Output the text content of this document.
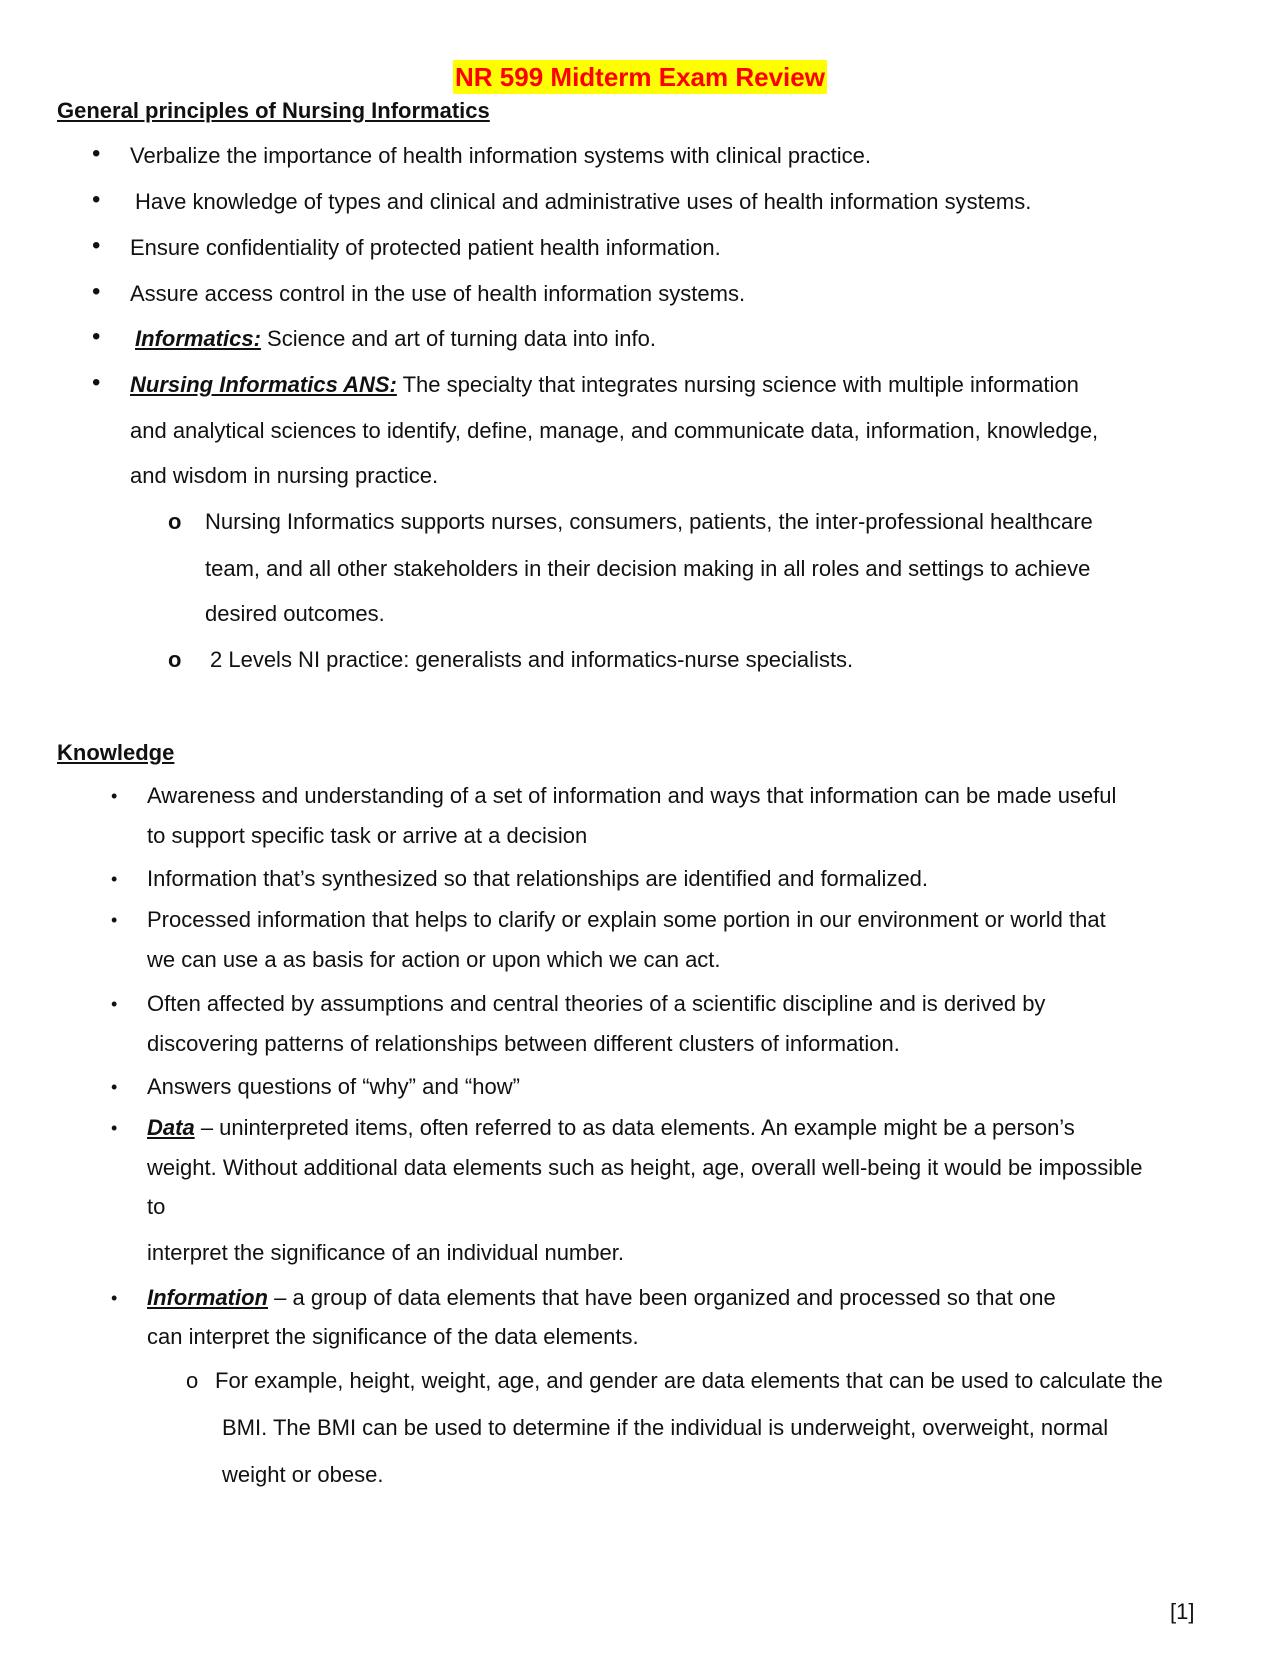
NR 599 Midterm Exam Review
General principles of Nursing Informatics
• Verbalize the importance of health information systems with clinical practice.
• Have knowledge of types and clinical and administrative uses of health information systems.
• Ensure confidentiality of protected patient health information.
• Assure access control in the use of health information systems.
• Informatics: Science and art of turning data into info.
• Nursing Informatics ANS: The specialty that integrates nursing science with multiple information
and analytical sciences to identify, define, manage, and communicate data, information, knowledge,
and wisdom in nursing practice.
o Nursing Informatics supports nurses, consumers, patients, the inter-professional healthcare
team, and all other stakeholders in their decision making in all roles and settings to achieve
desired outcomes.
o 2 Levels NI practice: generalists and informatics-nurse specialists.
Knowledge
• Awareness and understanding of a set of information and ways that information can be made useful
to support specific task or arrive at a decision
• Information that’s synthesized so that relationships are identified and formalized.
• Processed information that helps to clarify or explain some portion in our environment or world that
we can use a as basis for action or upon which we can act.
• Often affected by assumptions and central theories of a scientific discipline and is derived by
discovering patterns of relationships between different clusters of information.
• Answers questions of “why” and “how”
• Data – uninterpreted items, often referred to as data elements. An example might be a person’s
weight. Without additional data elements such as height, age, overall well-being it would be impossible
to
interpret the significance of an individual number.
• Information – a group of data elements that have been organized and processed so that one
can interpret the significance of the data elements.
o For example, height, weight, age, and gender are data elements that can be used to calculate the
BMI. The BMI can be used to determine if the individual is underweight, overweight, normal
weight or obese.
[1]
